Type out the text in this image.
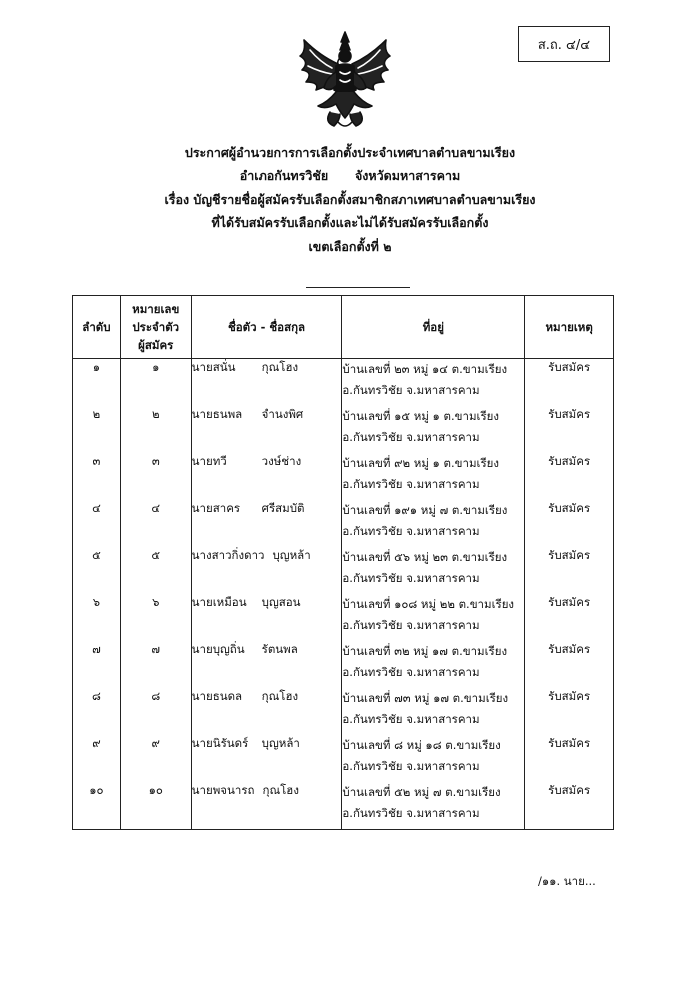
ส.ถ. ๔/๔
ประกาศผู้อำนวยการการเลือกตั้งประจำเทศบาลตำบลขามเรียง
อำเภอกันทรวิชัย จังหวัดมหาสารคาม
เรื่อง บัญชีรายชื่อผู้สมัครรับเลือกตั้งสมาชิกสภาเทศบาลตำบลขามเรียง
ที่ได้รับสมัครรับเลือกตั้งและไม่ได้รับสมัครรับเลือกตั้ง
เขตเลือกตั้งที่ ๒
ลำดับ	หมายเลข
ประจำตัว
ผู้สมัคร	ชื่อตัว - ชื่อสกุล	ที่อยู่	หมายเหตุ
๑	๑	นายสนั่น กุณโฮง	บ้านเลขที่ ๒๓ หมู่ ๑๔ ต.ขามเรียง
อ.กันทรวิชัย จ.มหาสารคาม	รับสมัคร
๒	๒	นายธนพล จำนงพิศ	บ้านเลขที่ ๑๕ หมู่ ๑ ต.ขามเรียง
อ.กันทรวิชัย จ.มหาสารคาม	รับสมัคร
๓	๓	นายทวี วงษ์ช่าง	บ้านเลขที่ ๙๒ หมู่ ๑ ต.ขามเรียง
อ.กันทรวิชัย จ.มหาสารคาม	รับสมัคร
๔	๔	นายสาคร ศรีสมบัติ	บ้านเลขที่ ๑๙๑ หมู่ ๗ ต.ขามเรียง
อ.กันทรวิชัย จ.มหาสารคาม	รับสมัคร
๕	๕	นางสาวกิ่งดาว บุญหล้า	บ้านเลขที่ ๕๖ หมู่ ๒๓ ต.ขามเรียง
อ.กันทรวิชัย จ.มหาสารคาม	รับสมัคร
๖	๖	นายเหมือน บุญสอน	บ้านเลขที่ ๑๐๘ หมู่ ๒๒ ต.ขามเรียง
อ.กันทรวิชัย จ.มหาสารคาม	รับสมัคร
๗	๗	นายบุญถิ่น รัตนพล	บ้านเลขที่ ๓๒ หมู่ ๑๗ ต.ขามเรียง
อ.กันทรวิชัย จ.มหาสารคาม	รับสมัคร
๘	๘	นายธนดล กุณโฮง	บ้านเลขที่ ๗๓ หมู่ ๑๗ ต.ขามเรียง
อ.กันทรวิชัย จ.มหาสารคาม	รับสมัคร
๙	๙	นายนิรันดร์ บุญหล้า	บ้านเลขที่ ๘ หมู่ ๑๘ ต.ขามเรียง
อ.กันทรวิชัย จ.มหาสารคาม	รับสมัคร
๑๐	๑๐	นายพจนารถ กุณโฮง	บ้านเลขที่ ๕๒ หมู่ ๗ ต.ขามเรียง
อ.กันทรวิชัย จ.มหาสารคาม	รับสมัคร
/๑๑. นาย...
